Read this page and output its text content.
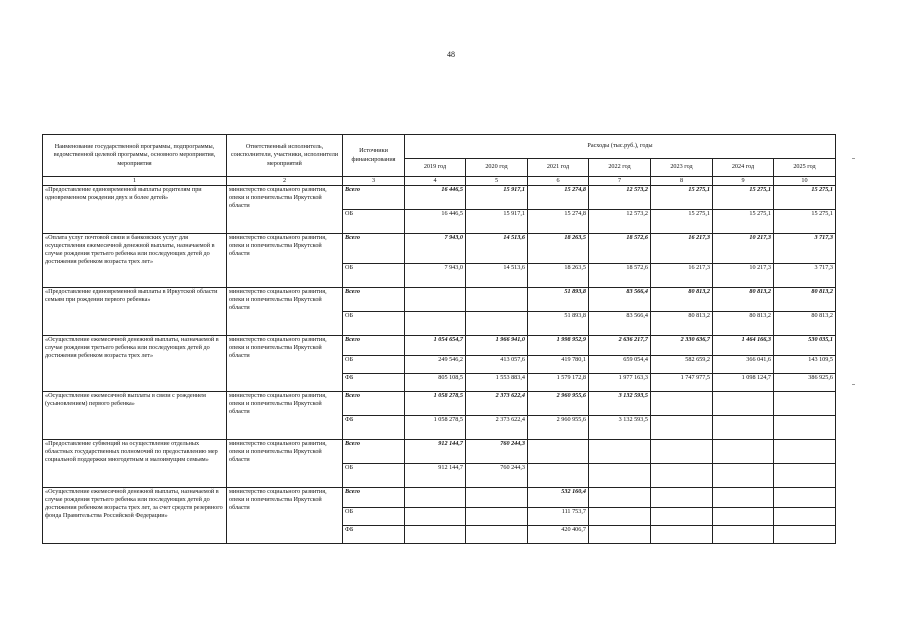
48
Наименование государственной программы, подпрограммы, ведомственной целевой программы, основного мероприятия, мероприятия	Ответственный исполнитель, соисполнители, участники, исполнители мероприятий	Источники финансирования	Расходы (тыс.руб.), годы						
			2019 год	2020 год	2021 год	2022 год	2023 год	2024 год	2025 год
1	2	3	4	5	6	7	8	9	10
«Предоставление единовременной выплаты родителям при одновременном рождении двух и более детей»	министерство социального развития, опеки и попечительства Иркутской области	Всего	16 446,5	15 917,1	15 274,8	12 573,2	15 275,1	15 275,1	15 275,1
		ОБ	16 446,5	15 917,1	15 274,8	12 573,2	15 275,1	15 275,1	15 275,1
«Оплата услуг почтовой связи и банковских услуг для осуществления ежемесячной денежной выплаты, назначаемой в случае рождения третьего ребенка или последующих детей до достижения ребенком возраста трех лет»	министерство социального развития, опеки и попечительства Иркутской области	Всего	7 943,0	14 513,6	18 263,5	18 572,6	16 217,3	10 217,3	3 717,3
		ОБ	7 943,0	14 513,6	18 263,5	18 572,6	16 217,3	10 217,3	3 717,3
«Предоставление единовременной выплаты в Иркутской области семьям при рождении первого ребенка»	министерство социального развития, опеки и попечительства Иркутской области	Всего			51 893,8	83 566,4	80 813,2	80 813,2	80 813,2
		ОБ			51 893,8	83 566,4	80 813,2	80 813,2	80 813,2
«Осуществление ежемесячной денежной выплаты, назначаемой в случае рождения третьего ребенка или последующих детей до достижения ребенком возраста трех лет»	министерство социального развития, опеки и попечительства Иркутской области	Всего	1 054 654,7	1 966 941,0	1 998 952,9	2 636 217,7	2 330 636,7	1 464 166,3	530 035,1
		ОБ	249 546,2	413 057,6	419 780,1	659 054,4	582 659,2	366 041,6	143 109,5
		ФБ	805 108,5	1 553 883,4	1 579 172,8	1 977 163,3	1 747 977,5	1 098 124,7	386 925,6
«Осуществление ежемесячной выплаты в связи с рождением (усыновлением) первого ребенка»	министерство социального развития, опеки и попечительства Иркутской области	Всего	1 058 278,5	2 373 622,4	2 960 955,6	3 132 593,5			
		ФБ	1 058 278,5	2 373 622,4	2 960 955,6	3 132 593,5			
«Предоставление субвенций на осуществление отдельных областных государственных полномочий по предоставлению мер социальной поддержки многодетным и малоимущим семьям»	министерство социального развития, опеки и попечительства Иркутской области	Всего	912 144,7	760 244,3					
		ОБ	912 144,7	760 244,3					
«Осуществление ежемесячной денежной выплаты, назначаемой в случае рождения третьего ребенка или последующих детей до достижения ребенком возраста трех лет, за счет средств резервного фонда Правительства Российской Федерации»	министерство социального развития, опеки и попечительства Иркутской области	Всего			532 160,4				
		ОБ			111 753,7				
		ФБ			420 406,7				
